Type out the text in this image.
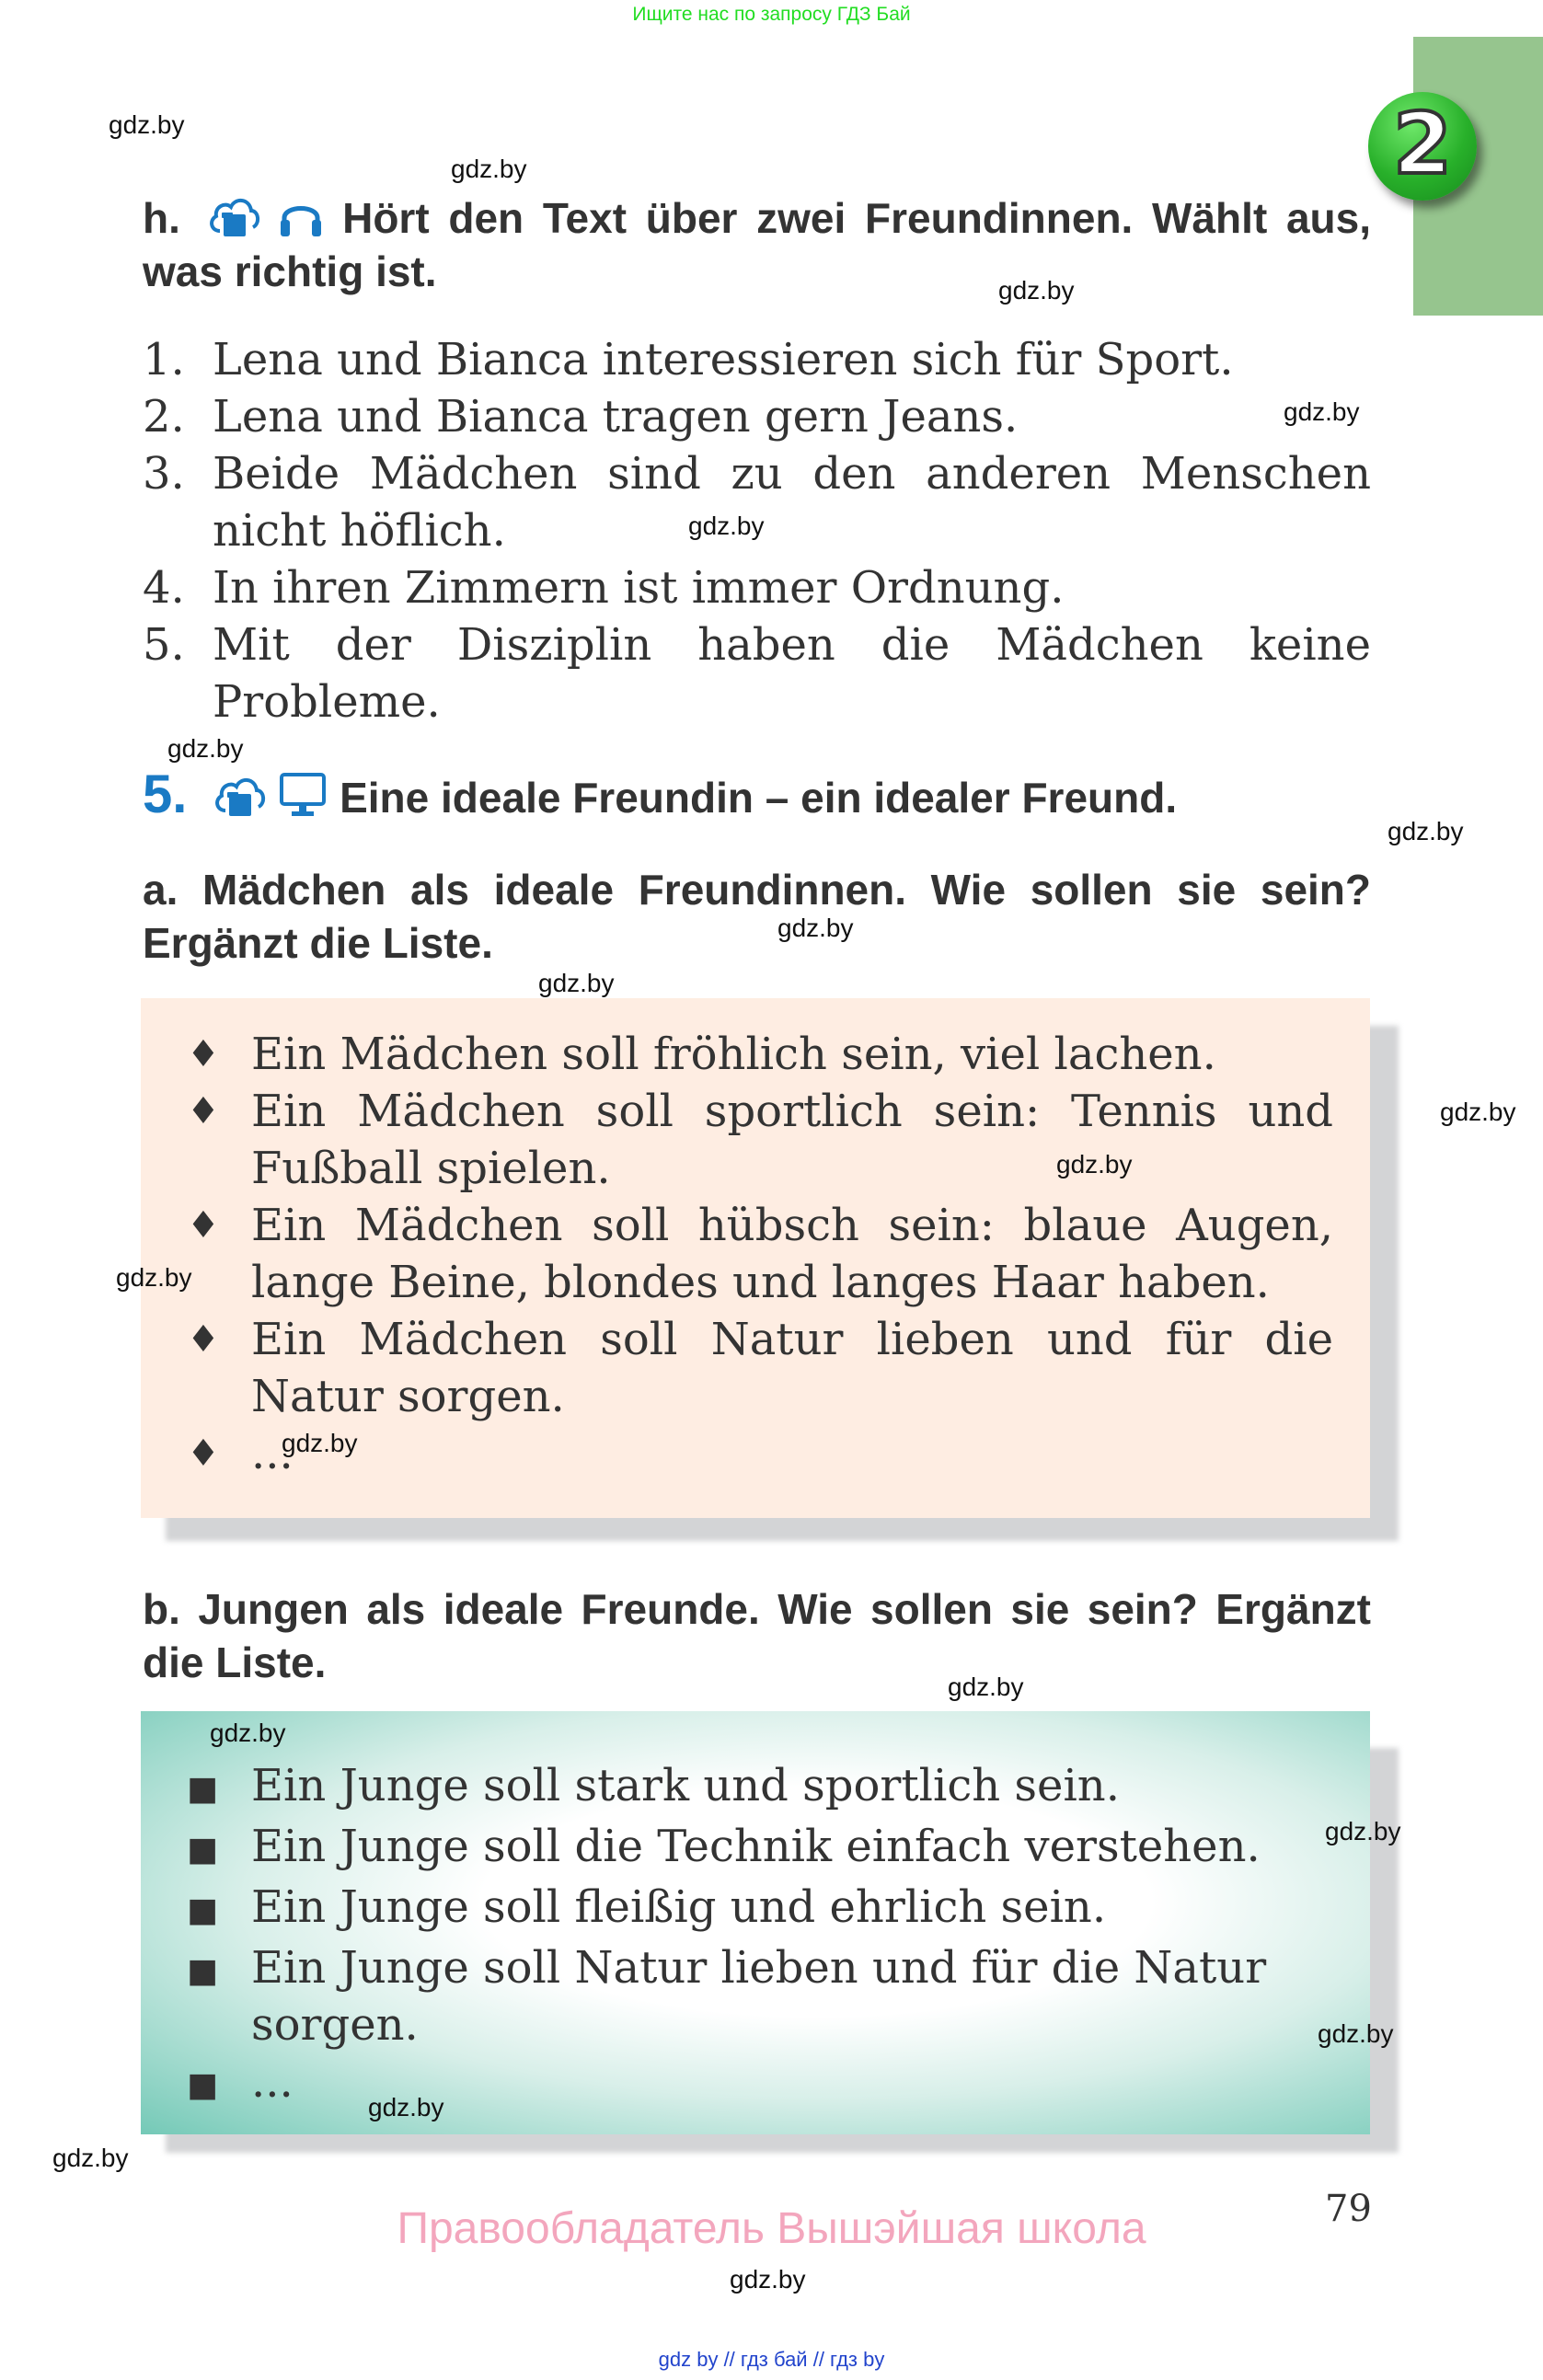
Ищите нас по запросу ГДЗ Бай
2
gdz.by
gdz.by
gdz.by
gdz.by
gdz.by
gdz.by
gdz.by
gdz.by
gdz.by
gdz.by
gdz.by
gdz.by
gdz.by
h.	Hört den Text über zwei Freundinnen. Wählt aus, was richtig ist.
1. Lena und Bianca interessieren sich für Sport.
2. Lena und Bianca tragen gern Jeans.
3. Beide Mädchen sind zu den anderen Menschen nicht höflich.
4. In ihren Zimmern ist immer Ordnung.
5. Mit der Disziplin haben die Mädchen keine Probleme.
5.	Eine ideale Freundin – ein idealer Freund.
a. Mädchen als ideale Freundinnen. Wie sollen sie sein? Ergänzt die Liste.
♦ Ein Mädchen soll fröhlich sein, viel lachen.
♦ Ein Mädchen soll sportlich sein: Tennis und Fußball spielen.
♦ Ein Mädchen soll hübsch sein: blaue Augen, lange Beine, blondes und langes Haar haben.
♦ Ein Mädchen soll Natur lieben und für die Natur sorgen.
♦ ...
gdz.by
gdz.by
gdz.by
b. Jungen als ideale Freunde. Wie sollen sie sein? Ergänzt die Liste.
■ Ein Junge soll stark und sportlich sein.
■ Ein Junge soll die Technik einfach verstehen.
■ Ein Junge soll fleißig und ehrlich sein.
■ Ein Junge soll Natur lieben und für die Natur sorgen.
■ ...
gdz.by
gdz.by
gdz.by
gdz.by
79
Правообладатель Вышэйшая школа
gdz by // гдз бай // гдз by
